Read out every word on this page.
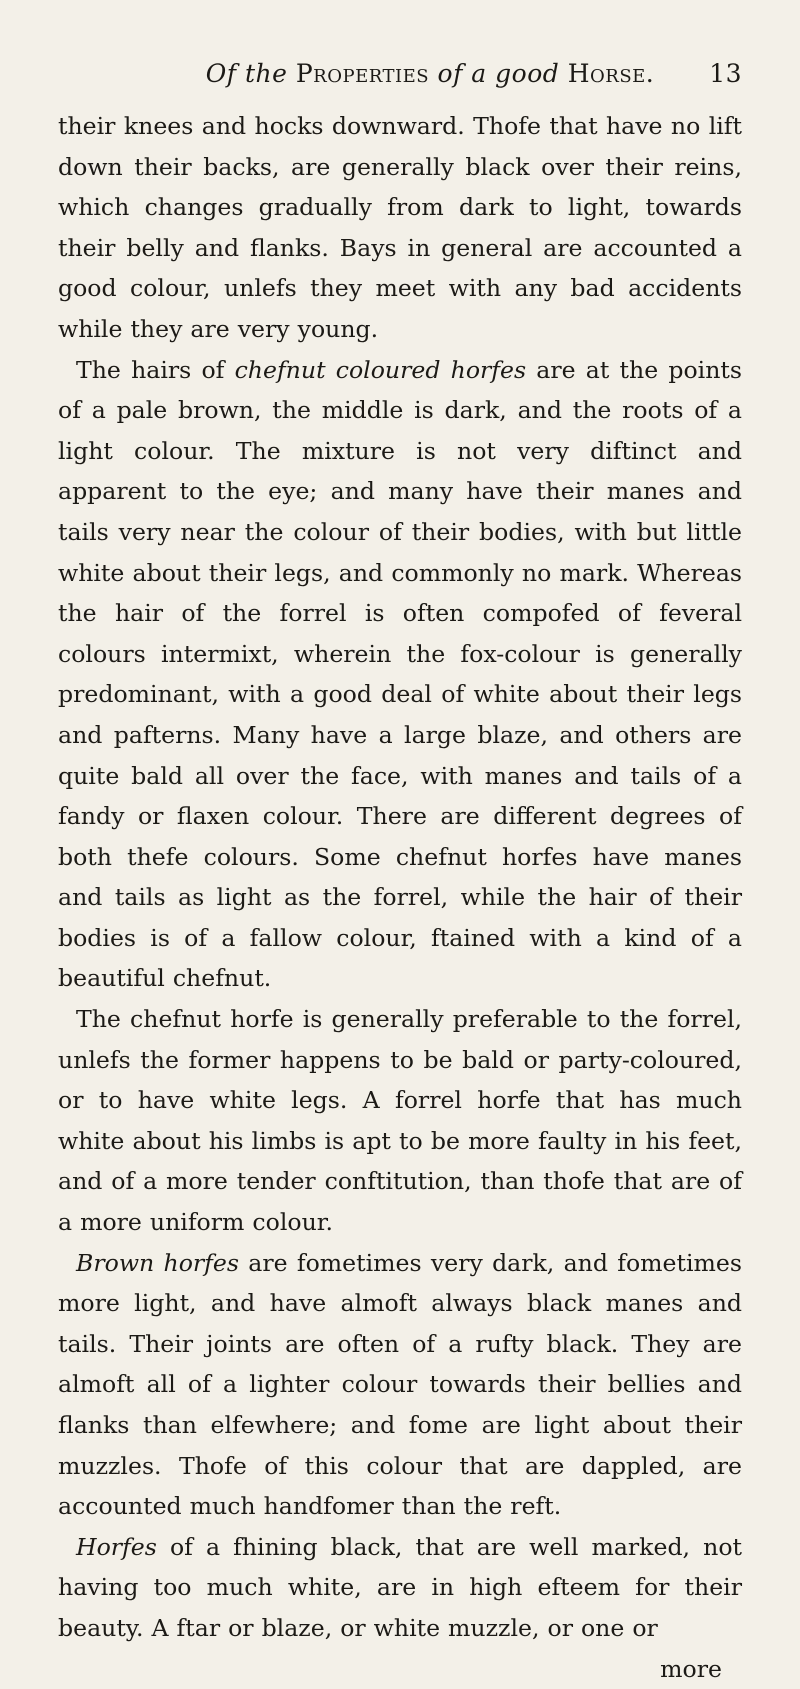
Of the Properties of a good Horse. 13

their knees and hocks downward. Thofe that have no lift down their backs, are generally black over their reins, which changes gradually from dark to light, towards their belly and flanks. Bays in general are accounted a good colour, unlefs they meet with any bad accidents while they are very young.

The hairs of chefnut coloured horfes are at the points of a pale brown, the middle is dark, and the roots of a light colour. The mixture is not very diftinct and apparent to the eye; and many have their manes and tails very near the colour of their bodies, with but little white about their legs, and commonly no mark. Whereas the hair of the forrel is often compofed of feveral colours intermixt, wherein the fox-colour is generally predominant, with a good deal of white about their legs and pafterns. Many have a large blaze, and others are quite bald all over the face, with manes and tails of a fandy or flaxen colour. There are different degrees of both thefe colours. Some chefnut horfes have manes and tails as light as the forrel, while the hair of their bodies is of a fallow colour, ftained with a kind of a beautiful chefnut.

The chefnut horfe is generally preferable to the forrel, unlefs the former happens to be bald or party-coloured, or to have white legs. A forrel horfe that has much white about his limbs is apt to be more faulty in his feet, and of a more tender conftitution, than thofe that are of a more uniform colour.

Brown horfes are fometimes very dark, and fometimes more light, and have almoft always black manes and tails. Their joints are often of a rufty black. They are almoft all of a lighter colour towards their bellies and flanks than elfewhere; and fome are light about their muzzles. Thofe of this colour that are dappled, are accounted much handfomer than the reft.

Horfes of a fhining black, that are well marked, not having too much white, are in high efteem for their beauty. A ftar or blaze, or white muzzle, or one or

more
